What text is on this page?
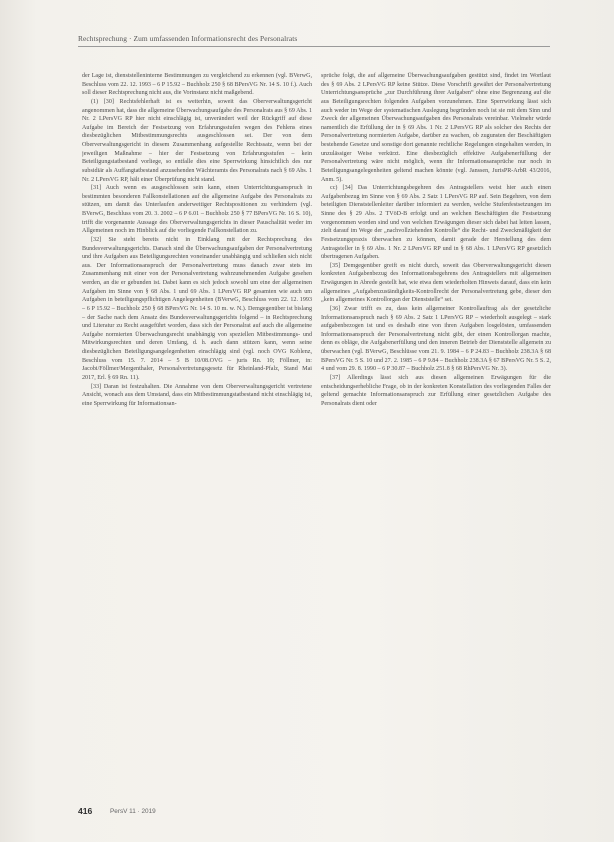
Rechtsprechung · Zum umfassenden Informationsrecht des Personalrats

der Lage ist, dienststelleninterne Bestimmungen zu vergleichend zu erkennen (vgl. BVerwG, Beschluss vom 22. 12. 1993 – 6 P 15.92 – Buchholz 250 § 68 BPersVG Nr. 14 S. 10 f.). Auch soll dieser Rechtsprechung nicht aus, die Vorinstanz nicht maßgebend.

(1) [30] Rechtsfehlerhaft ist es weiterhin, soweit das Oberverwaltungsgericht angenommen hat, dass die allgemeine Überwachungsaufgabe des Personalrats aus § 69 Abs. 1 Nr. 2 LPersVG RP hier nicht einschlägig ist, unverändert weil der Rückgriff auf diese Aufgabe im Bereich der Festsetzung von Erfahrungsstufen wegen des Fehlens eines diesbezüglichen Mitbestimmungsrechts ausgeschlossen sei. Der von dem Oberverwaltungsgericht in diesem Zusammenhang aufgestellte Rechtssatz, wenn bei der jeweiligen Maßnahme – hier der Festsetzung von Erfahrungsstufen – kein Beteiligungstatbestand vorliege, so entfalle dies eine Sperrwirkung hinsichtlich des nur subsidiär als Auffangtatbestand anzusehenden Wächteramts des Personalrats nach § 69 Abs. 1 Nr. 2 LPersVG RP, hält einer Überprüfung nicht stand.

[31] Auch wenn es ausgeschlossen sein kann, einen Unterrichtungsanspruch in bestimmten besonderen Fallkonstellationen auf die allgemeine Aufgabe des Personalrats zu stützen, um damit das Unterlaufen anderweitiger Rechtspositionen zu verhindern (vgl. BVerwG, Beschluss vom 20. 3. 2002 – 6 P 6.01 – Buchholz 250 § 77 BPersVG Nr. 16 S. 10), trifft die vorgenannte Aussage des Oberverwaltungsgerichts in dieser Pauschalität weder im Allgemeinen noch im Hinblick auf die vorliegende Fallkonstellation zu.

[32] Sie steht bereits nicht in Einklang mit der Rechtsprechung des Bundesverwaltungsgerichts. Danach sind die Überwachungsaufgaben der Personalvertretung und ihre Aufgaben aus Beteiligungsrechten voneinander unabhängig und schließen sich nicht aus. Der Informationsanspruch der Personalvertretung muss danach zwar stets im Zusammenhang mit einer von der Personalvertretung wahrzunehmenden Aufgabe gesehen werden, an die er gebunden ist. Dabei kann es sich jedoch sowohl um eine der allgemeinen Aufgaben im Sinne von § 68 Abs. 1 und 69 Abs. 1 LPersVG RP gesamten wie auch um Aufgaben in beteiligungspflichtigen Angelegenheiten (BVerwG, Beschluss vom 22. 12. 1993 – 6 P 15.92 – Buchholz 250 § 68 BPersVG Nr. 14 S. 10 m. w. N.). Demgegenüber ist bislang – der Sache nach dem Ansatz des Bundesverwaltungsgerichts folgend – in Rechtsprechung und Literatur zu Recht ausgeführt worden, dass sich der Personalrat auf auch die allgemeine Aufgabe normierten Überwachungsrecht unabhängig von speziellen Mitbestimmungs- und Mitwirkungsrechten und deren Umfang, d. h. auch dann stützen kann, wenn seine diesbezüglichen Beteiligungsangelegenheiten einschlägig sind (vgl. noch OVG Koblenz, Beschluss vom 15. 7. 2014 – 5 B 10/08.OVG – juris Rn. 10; Föllmer, in: Jacobi/Föllmer/Mergenthaler, Personalvertretungsgesetz für Rheinland-Pfalz, Stand Mai 2017, Erl. § 69 Rn. 11).

[33] Daran ist festzuhalten. Die Annahme von dem Oberverwaltungsgericht vertretene Ansicht, wonach aus dem Umstand, dass ein Mitbestimmungstatbestand nicht einschlägig ist, eine Sperrwirkung für Informationsan-

sprüche folgt, die auf allgemeine Überwachungsaufgaben gestützt sind, findet im Wortlaut des § 69 Abs. 2 LPersVG RP keine Stütze. Diese Vorschrift gewährt der Personalvertretung Unterrichtungsansprüche „zur Durchführung ihrer Aufgaben“ ohne eine Begrenzung auf die aus Beteiligungsrechten folgenden Aufgaben vorzunehmen. Eine Sperrwirkung lässt sich auch weder im Wege der systematischen Auslegung begründen noch ist sie mit dem Sinn und Zweck der allgemeinen Überwachungsaufgaben des Personalrats vereinbar. Vielmehr würde namentlich die Erfüllung der in § 69 Abs. 1 Nr. 2 LPersVG RP als solcher des Rechts der Personalvertretung normierten Aufgabe, darüber zu wachen, ob zugunsten der Beschäftigten bestehende Gesetze und sonstige dort genannte rechtliche Regelungen eingehalten werden, in unzulässiger Weise verkürzt. Eine diesbezüglich effektive Aufgabenerfüllung der Personalvertretung wäre nicht möglich, wenn ihr Informationsansprüche nur noch in Beteiligungsangelegenheiten geltend machen könnte (vgl. Janssen, JurisPR-ArbR 43/2016, Anm. 5).

cc) [34] Das Unterrichtungsbegehren des Antragstellers weist hier auch einen Aufgabenbezug im Sinne von § 69 Abs. 2 Satz 1 LPersVG RP auf. Sein Begehren, von dem beteiligten Dienststellenleiter darüber informiert zu werden, welche Stufenfestsetzungen im Sinne des § 29 Abs. 2 TVöD-B erfolgt und an welchen Beschäftigten die Festsetzung vorgenommen worden sind und von welchen Erwägungen dieser sich dabei hat leiten lassen, zielt darauf im Wege der „nachvollziehenden Kontrolle“ die Recht- und Zweckmäßigkeit der Festsetzungspraxis überwachen zu können, damit gerade der Herstellung des dem Antragsteller in § 69 Abs. 1 Nr. 2 LPersVG RP und in § 68 Abs. 1 LPersVG RP gesetzlich übertragenen Aufgaben.

[35] Demgegenüber greift es nicht durch, soweit das Oberverwaltungsgericht diesen konkreten Aufgabenbezug des Informationsbegehrens des Antragstellers mit allgemeinen Erwägungen in Abrede gestellt hat, wie etwa dem wiederholten Hinweis darauf, dass ein kein allgemeines „Aufgabenzuständigkeits-Kontrollrecht der Personalvertretung gebe, dieser den „kein allgemeines Kontrollorgan der Dienststelle“ sei.

[36] Zwar trifft es zu, dass kein allgemeiner Kontrollauftrag als der gesetzliche Informationsanspruch nach § 69 Abs. 2 Satz 1 LPersVG RP – wiederholt ausgelegt – stark aufgabenbezogen ist und es deshalb eine von ihren Aufgaben losgelösten, umfassenden Informationsanspruch der Personalvertretung nicht gibt, der einen Kontrollorgan machte, denn es obläge, die Aufgabenerfüllung und den inneren Betrieb der Dienststelle allgemein zu überwachen (vgl. BVerwG, Beschlüsse vom 21. 9. 1984 – 6 P 24.83 – Buchholz 238.3A § 68 BPersVG Nr. 5 S. 10 und 27. 2. 1985 – 6 P 9.84 – Buchholz 238.3A § 67 BPersVG Nr. 5 S. 2, 4 und vom 29. 8. 1990 – 6 P 30.87 – Buchholz 251.8 § 68 RhPersVG Nr. 3).

[37] Allerdings lässt sich aus diesen allgemeinen Erwägungen für die entscheidungserhebliche Frage, ob in der konkreten Konstellation des vorliegenden Falles der geltend gemachte Informationsanspruch zur Erfüllung einer gesetzlichen Aufgabe des Personalrats dient oder

416	PersV 11 · 2019
